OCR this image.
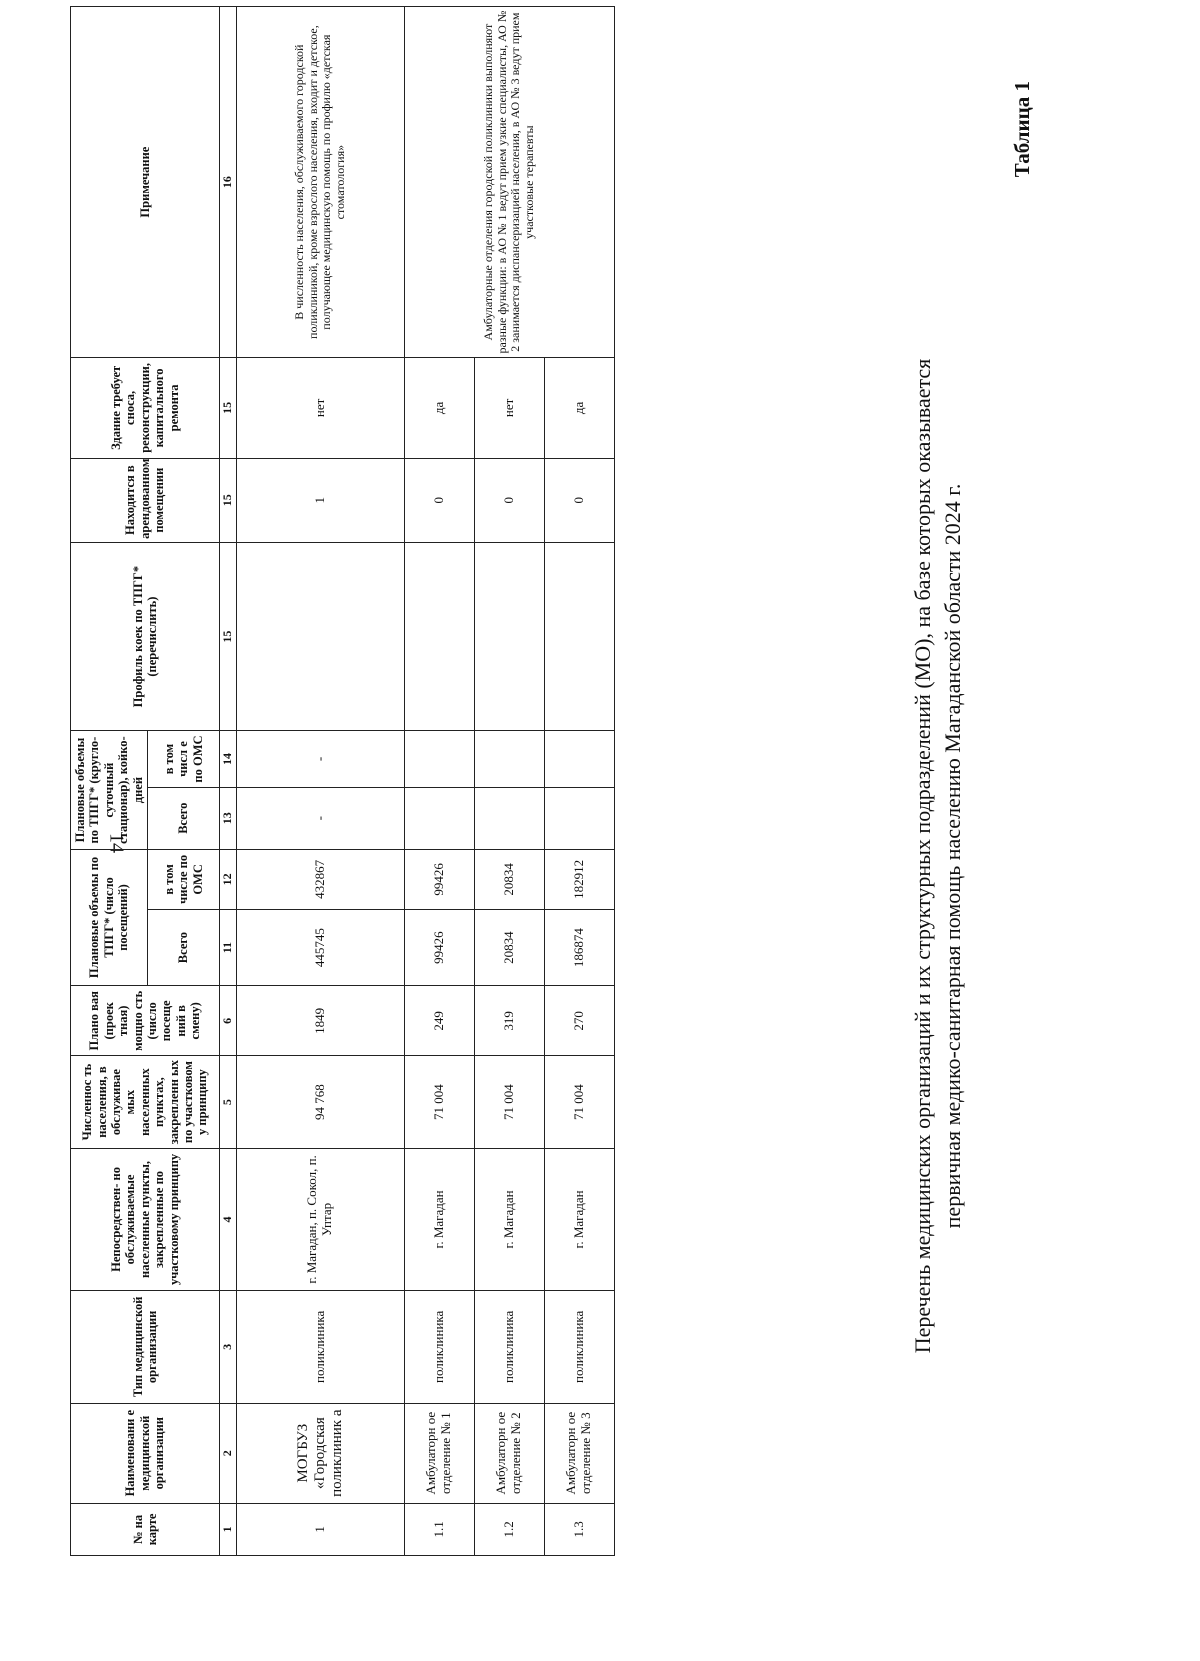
14	Перечень медицинских организаций и их структурных подразделений (МО), на базе которых оказывается первичная медико-санитарная помощь населению Магаданской области 2024 г.
Таблица 1
№ на карте	Наименовани е медицинской организации	Тип медицинской организации	Непосредствен- но обслуживаемые населенные пункты, закрепленные по участковому принципу	Численнос ть населения, в обслуживае мых населенных пунктах, закрепленн ых по участковом у принципу	Плано вая (проек тная) мощно сть (число посеще ний в смену)	Плановые объемы по ТПГГ* (число посещений)		Плановые объемы по ТПГГ* (кругло- суточный стационар), койко-дней		Профиль коек по ТПГГ* (перечислить)	Находится в арендованном помещении	Здание требует сноса, реконструкции, капитального ремонта	Примечание
						Всего	в том числе по ОМС	Всего	в том числ е по ОМС				
1	2	3	4	5	6	11	12	13	14	15	15	15	16
1	МОГБУЗ «Городская поликлиник а	поликлиника	г. Магадан, п. Сокол, п. Уптар	94 768	1849	445745	432867	-	-		1	нет	В численность населения, обслуживаемого городской поликлиникой, кроме взрослого населения, входит и детское, получающее медицинскую помощь по профилю «детская стоматология»
1.1	Амбулаторн ое отделение № 1	поликлиника	г. Магадан	71 004	249	99426	99426				0	да	Амбулаторные отделения городской поликлиники выполняют разные функции: в АО № 1 ведут прием узкие специалисты, АО № 2 занимается диспансеризацией населения, в АО № 3 ведут прием участковые терапевты
1.2	Амбулаторн ое отделение № 2	поликлиника	г. Магадан	71 004	319	20834	20834				0	нет	
1.3	Амбулаторн ое отделение № 3	поликлиника	г. Магадан	71 004	270	186874	182912				0	да	
